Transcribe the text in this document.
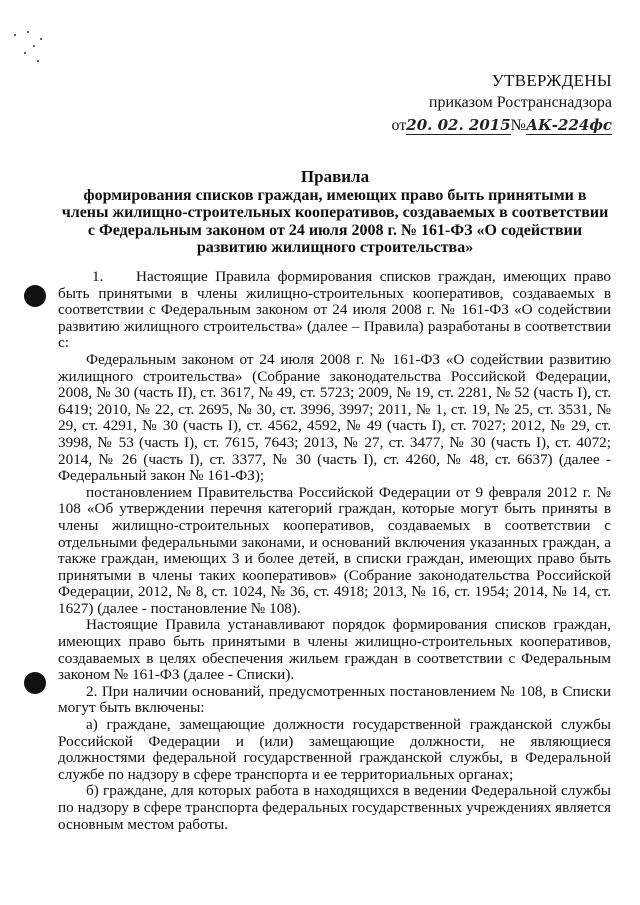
УТВЕРЖДЕНЫ
приказом Ространснадзора
от20. 02. 2015№АК-224фс
Правила
формирования списков граждан, имеющих право быть принятыми в члены жилищно-строительных кооперативов, создаваемых в соответствии с Федеральным законом от 24 июля 2008 г. № 161-ФЗ «О содействии развитию жилищного строительства»

1. Настоящие Правила формирования списков граждан, имеющих право быть принятыми в члены жилищно-строительных кооперативов, создаваемых в соответствии с Федеральным законом от 24 июля 2008 г. № 161-ФЗ «О содействии развитию жилищного строительства» (далее – Правила) разработаны в соответствии с:

Федеральным законом от 24 июля 2008 г. № 161-ФЗ «О содействии развитию жилищного строительства» (Собрание законодательства Российской Федерации, 2008, № 30 (часть II), ст. 3617, № 49, ст. 5723; 2009, № 19, ст. 2281, № 52 (часть I), ст. 6419; 2010, № 22, ст. 2695, № 30, ст. 3996, 3997; 2011, № 1, ст. 19, № 25, ст. 3531, № 29, ст. 4291, № 30 (часть I), ст. 4562, 4592, № 49 (часть I), ст. 7027; 2012, № 29, ст. 3998, № 53 (часть I), ст. 7615, 7643; 2013, № 27, ст. 3477, № 30 (часть I), ст. 4072; 2014, № 26 (часть I), ст. 3377, № 30 (часть I), ст. 4260, № 48, ст. 6637) (далее - Федеральный закон № 161-ФЗ);

постановлением Правительства Российской Федерации от 9 февраля 2012 г. № 108 «Об утверждении перечня категорий граждан, которые могут быть приняты в члены жилищно-строительных кооперативов, создаваемых в соответствии с отдельными федеральными законами, и оснований включения указанных граждан, а также граждан, имеющих 3 и более детей, в списки граждан, имеющих право быть принятыми в члены таких кооперативов» (Собрание законодательства Российской Федерации, 2012, № 8, ст. 1024, № 36, ст. 4918; 2013, № 16, ст. 1954; 2014, № 14, ст. 1627) (далее - постановление № 108).

Настоящие Правила устанавливают порядок формирования списков граждан, имеющих право быть принятыми в члены жилищно-строительных кооперативов, создаваемых в целях обеспечения жильем граждан в соответствии с Федеральным законом № 161-ФЗ (далее - Списки).

2. При наличии оснований, предусмотренных постановлением № 108, в Списки могут быть включены:

а) граждане, замещающие должности государственной гражданской службы Российской Федерации и (или) замещающие должности, не являющиеся должностями федеральной государственной гражданской службы, в Федеральной службе по надзору в сфере транспорта и ее территориальных органах;

б) граждане, для которых работа в находящихся в ведении Федеральной службы по надзору в сфере транспорта федеральных государственных учреждениях является основным местом работы.
